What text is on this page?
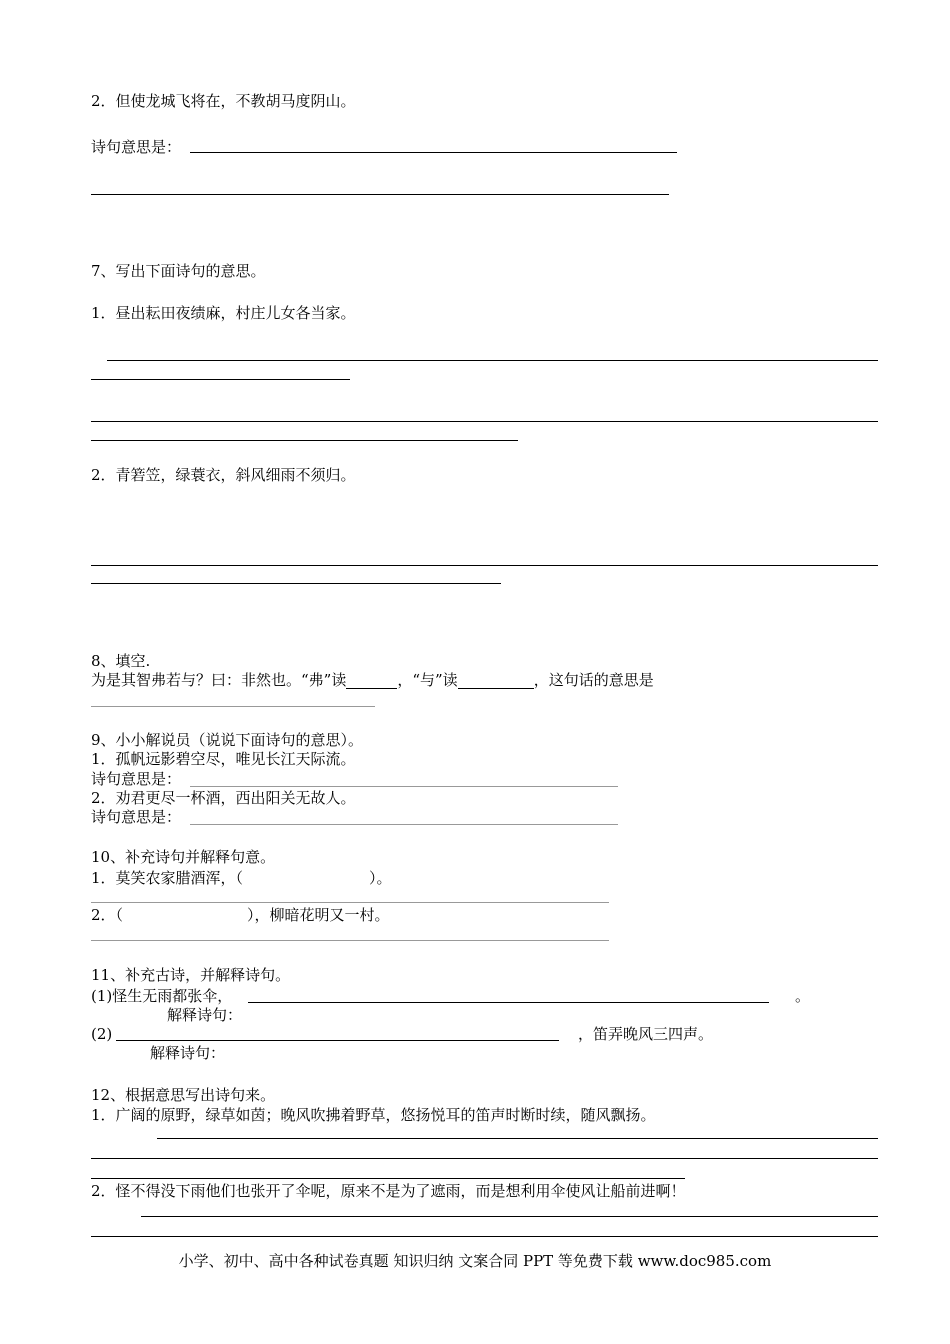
2．但使龙城飞将在，不教胡马度阴山。
诗句意思是：
7、写出下面诗句的意思。
1．昼出耘田夜绩麻，村庄儿女各当家。
2．青箬笠，绿蓑衣，斜风细雨不须归。
8、填空.
为是其智弗若与？曰：非然也。“弗”读	，“与”读	，这句话的意思是
9、小小解说员（说说下面诗句的意思）。
1．孤帆远影碧空尽，唯见长江天际流。
诗句意思是：
2．劝君更尽一杯酒，西出阳关无故人。
诗句意思是：
10、补充诗句并解释句意。
1．莫笑农家腊酒浑，（	）。
2．（	），柳暗花明又一村。
11、补充古诗，并解释诗句。
(1)怪生无雨都张伞，	。
解释诗句：
(2)	，笛弄晚风三四声。
解释诗句：
12、根据意思写出诗句来。
1．广阔的原野，绿草如茵；晚风吹拂着野草，悠扬悦耳的笛声时断时续，随风飘扬。
2．怪不得没下雨他们也张开了伞呢，原来不是为了遮雨，而是想利用伞使风让船前进啊！
小学、初中、高中各种试卷真题 知识归纳 文案合同 PPT 等免费下载 www.doc985.com
